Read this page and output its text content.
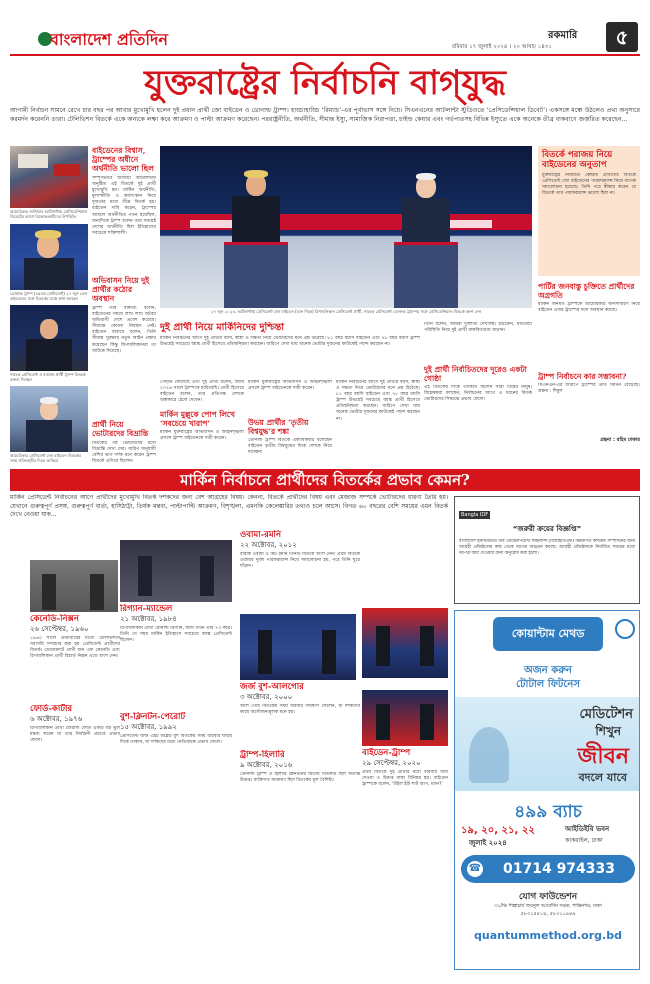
৫
বাংলাদেশ প্রতিদিন	রকমারি
রবিবার ১৭ জুলাই ২০২৪ । ২০ আষাঢ় ১৪৩১
যুক্তরাষ্ট্রের নির্বাচনি বাগ্‌যুদ্ধ
আগামী নির্বাচন সামনে রেখে চার বছর পর আবার মুখোমুখি হলেন দুই প্রধান প্রার্থী জো বাইডেন ও ডোনাল্ড ট্রাম্প। হাড্ডাহাড্ডি ‘রিম্যাচ’-এর পূর্বাভাস সঙ্গে নিয়ে। সিএনএনের আটলান্টা স্টুডিওতে ‘প্রেসিডেন্সিয়াল ডিবেট’। একসঙ্গে মঞ্চে উঠলেও প্রথা অনুসারে করমর্দন করেননি তারা। টেলিভিশন বিতর্কে একে অন্যকে লক্ষ্য করে আক্রমণ ও পাল্টা আক্রমণ করেছেন। পররাষ্ট্রনীতি, অর্থনীতি, সীমান্ত ইস্যু, সামাজিক নিরাপত্তা, চাইল্ড কেয়ার এবং গর্ভপাতসহ বিভিন্ন ইস্যুতে একে অনেকে তীব্র বাকবাণে জর্জরিত করেছেন...
আমেরিকার জর্জিয়ার আটলান্টায় প্রেসিডেন্সিয়াল ডিবেটের আগে বিক্ষোভকারীদের উপস্থিতি
ডোনাল্ড ট্রাম্প (৪৫তম প্রেসিডেন্ট) ২৭ জুন তেল বাইডেনের সঙ্গে বিতর্কের মঞ্চে কথা বলছেন
সাবেক প্রেসিডেন্ট ও বর্তমান প্রার্থী ট্রাম্প বিতর্কে বক্তব্য দিচ্ছেন
আমেরিকার প্রেসিডেন্ট জো বাইডেন বিতর্কের সময় প্রতিদ্বন্দ্বীর দিকে তাকিয়ে
বাইডেনের বিশ্বাস, ট্রাম্পের অধীনে অর্থনীতি ভালো ছিল
সম্পূর্ণভাবে জর্জিয়া আটলান্টায় অনুষ্ঠিত এই বিতর্কে দুই প্রার্থী মুখোমুখি হন। মার্কিন অর্থনীতি, মূল্যস্ফীতি ও কর্মসংস্থান নিয়ে দুজনের মধ্যে তীব্র বিতর্ক হয়। বাইডেন দাবি করেন, ট্রাম্পের আমলে অর্থনীতির পতন হয়েছিল, অন্যদিকে ট্রাম্প বলেন তার সময়েই দেশের অর্থনীতি ছিল ইতিহাসের সবচেয়ে শক্তিশালী।
অভিবাসন নিয়ে দুই প্রার্থীর কঠোর অবস্থান
ট্রাম্প তার বক্তব্যে বলেন, বাইডেনের সময়ে লাখ লাখ অবৈধ অভিবাসী দেশে প্রবেশ করেছে। সীমান্তে কোনো নিয়ন্ত্রণ নেই। বাইডেন জবাবে বলেন, তিনি সীমান্ত সুরক্ষায় নতুন আইন প্রস্তাব করেছেন কিন্তু রিপাবলিকানরা তা আটকে দিয়েছে।
প্রার্থী নিয়ে ভোটারদের বিভ্রান্তি
বিতর্কের পর ভোটারদের মধ্যে বিভ্রান্তি দেখা দেয়। জরিপ অনুযায়ী বেশির ভাগ দর্শক মনে করেন ট্রাম্প বিতর্কে এগিয়ে ছিলেন।
২৭ জুন ২০২৪, আটলান্টায় প্রেসিডেন্ট জো বাইডেন (ডান দিকে) রিপাবলিকান প্রেসিডেন্ট প্রার্থী, সাবেক প্রেসিডেন্ট ডোনাল্ড ট্রাম্পের সঙ্গে প্রেসিডেন্সিয়াল বিতর্কে অংশ নেন
দুই প্রার্থী নিয়ে মার্কিনিদের দুশ্চিন্তা
মার্কিন নির্বাচনের আগে দুই প্রার্থীর বয়স, স্বাস্থ্য ও দক্ষতা নিয়ে ভোটারদের মনে প্রশ্ন উঠেছে। ৮১ বছর বয়সি বাইডেন এবং ৭৮ বছর বয়সি ট্রাম্প উভয়েই সবচেয়ে বয়স্ক প্রার্থী হিসেবে প্রতিদ্বন্দ্বিতা করছেন। জরিপে দেখা যায় অনেক ভোটার দুজনের কাউকেই পছন্দ করছেন না।
পেছনে ফেলেছে এবং দুই প্রার্থী বলেন, আমি ২০২৬ সালে ট্রাম্পকে হারিয়েছি। প্রার্থী হিসেবে বাইডেন বলেন, তার প্রতিপক্ষ দেশকে অন্ধকারে ঠেলে দেবেন।
মার্কিন মুল্লুকে পোপ লিখে ‘সবচেয়ে খারাপ’
মার্কিন যুক্তরাষ্ট্রের অভিবাসন ও আইনশৃঙ্খলা প্রসঙ্গে ট্রাম্প বাইডেনকে দায়ী করেন।
মার্কিন যুক্তরাষ্ট্রের অভিবাসন ও আইনশৃঙ্খলা প্রসঙ্গে ট্রাম্প বাইডেনকে দায়ী করেন।
উভয় প্রার্থীর ‘তৃতীয় বিশ্বযুদ্ধ’র শঙ্কা
ডোনাল্ড ট্রাম্প বিতর্কে একাধিকবার বলেছেন বাইডেন তৃতীয় বিশ্বযুদ্ধের দিকে দেশকে নিয়ে যাচ্ছেন।
মার্কিন নির্বাচনের আগে দুই প্রার্থীর বয়স, স্বাস্থ্য ও দক্ষতা নিয়ে ভোটারদের মনে প্রশ্ন উঠেছে। ৮১ বছর বয়সি বাইডেন এবং ৭৮ বছর বয়সি ট্রাম্প উভয়েই সবচেয়ে বয়স্ক প্রার্থী হিসেবে প্রতিদ্বন্দ্বিতা করছেন। জরিপে দেখা যায় অনেক ভোটার দুজনের কাউকেই পছন্দ করছেন না।
তিনি বলেন, আমরা দুর্বলতা দেখাচ্ছি। ইউক্রেন, মধ্যপ্রাচ্য পরিস্থিতি নিয়ে দুই প্রার্থী বাকবিতণ্ডায় জড়ান।
দুই প্রার্থী নির্বাচিতদের দূরেও একটা গোষ্ঠা
এই বিতর্কের দিকে তাকিয়ে ছিলেন সারা বিশ্বের মানুষ। বিশ্লেষকরা বলছেন, নির্বাচনের আগে এ ধরনের বিতর্ক ভোটারদের সিদ্ধান্তে প্রভাব ফেলে।
বিতর্কে পরাজয় নিয়ে বাইডেনের অনুতাপ
যুক্তরাষ্ট্রের নির্বাচিত কেন্দ্রীয় প্রার্থীদের বিতর্কে প্রেসিডেন্ট জো বাইডেনের পারফরম্যান্স নিয়ে ব্যাপক সমালোচনা হয়েছে। তিনি পরে স্বীকার করেন যে বিতর্কে তার পারফরম্যান্স ভালো ছিল না।
পার্টির জনবাস্তু চুক্তিতে প্রার্থীদের অগ্রগতি
মার্কিন জনমত ট্রাম্পকে আমেরিকার জনসাধারণ নিয়ে বাইডেন এবার ট্রাম্পের দলে অবস্থান করছে।
ট্রাম্প নির্বাচনে কার সম্ভাবনা?
সিএনএন-এর জরিপে ট্রাম্পের প্রতি সমর্থন বেড়েছে। গ্রন্থনা : শিমুল
গ্রন্থনা : রহিম ঢাকার
মার্কিন নির্বাচনে প্রার্থীদের বিতর্কের প্রভাব কেমন?
মার্কিন প্রেসিডেন্ট নির্বাচনের আগে প্রার্থীদের মুখোমুখি বিতর্ক দর্শকদের জন্য বেশ আগ্রহের বিষয়। কেননা, বিতর্কে প্রার্থীদের বিষয় এবং মেজাজ সম্পর্কে ভোটারদের ধারণা তৈরি হয়। যেখানে গুরুত্বপূর্ণ প্রসঙ্গ, গুরুত্বপূর্ণ বার্তা, হাসিঠাট্টা, তির্যক মন্তব্য, পাল্টাপাল্টি আক্রমণ, বিশৃঙ্খলা, এমনকি কেলেঙ্কারির তথ্যও চলে আসে। বিগত ৬০ বছরের বেশি সময়ের এমন বিতর্ক দেখে নেওয়া যাক...
কেনেডি-নিক্সন
২৬ সেপ্টেম্বর, ১৯৬০
১৯৬০ সালে প্রথমবারের মতো টেলিভিশনে সরাসরি সম্প্রচার করা হয় প্রেসিডেন্ট প্রার্থীদের বিতর্ক। ডেমোক্র্যাট প্রার্থী জন এফ কেনেডি এবং রিপাবলিকান প্রার্থী রিচার্ড নিক্সন এতে অংশ নেন।
রিগ্যান-ম্যান্ডেল
২১ অক্টোবর, ১৯৮৪
রিপাবলিকান প্রার্থী রোনাল্ড রিগ্যান, বয়স তখন তার ৭৩ বছর। তিনি সে সময় মার্কিন ইতিহাসে সবচেয়ে বয়স্ক প্রেসিডেন্ট ছিলেন।
ওবামা-রমনি
২২ অক্টোবর, ২০১২
বারাক ওবামা ও মিট রমনি তিনটি বিতর্কে অংশ নেন। প্রথম বিতর্কে ওবামার দুর্বল পারফরম্যান্স নিয়ে সমালোচনা হয়, পরে তিনি ঘুরে দাঁড়ান।
ফোর্ড-কার্টার
৬ অক্টোবর, ১৯৭৬
রিপাবলিকান প্রার্থী জেরাল্ড ফোর্ড একটি বড় ভুল মন্তব্য করেন যা তার নির্বাচনী প্রচারে প্রভাব ফেলে।
বুশ-ক্লিনটন-পেরোট
১৫ অক্টোবর, ১৯৯২
প্রেসিডেন্ট জর্জ এইচ ডব্লিউ বুশ বিতর্কের সময় বারবার ঘড়ির দিকে তাকান, যা দর্শকদের মধ্যে নেতিবাচক প্রভাব ফেলে।
জর্জ বুশ-আলগোর
৩ অক্টোবর, ২০০০
আল গোর বিতর্কের সময় বারবার দীর্ঘশ্বাস ফেলেন, যা দর্শকদের কাছে অসৌজন্যমূলক মনে হয়।
ট্রাম্প-হিলারি
৯ অক্টোবর, ২০১৬
ডোনাল্ড ট্রাম্প ও হিলারি ক্লিনটনের দ্বিতীয় বিতর্কটি ছিল অত্যন্ত উত্তপ্ত। ব্যক্তিগত আক্রমণ ছিল বিতর্কের মূল বৈশিষ্ট্য।
বাইডেন-ট্রাম্প
২৯ সেপ্টেম্বর, ২০২০
প্রথম বিতর্কে দুই প্রার্থীর মধ্যে বারবার বাধা দেওয়া ও উত্তপ্ত বাক্য বিনিময় হয়। বাইডেন ট্রাম্পকে বলেন, ‘উইল ইউ শাট আপ, ম্যান?’
Bangla IDF
“জরুরী ক্রয়ের বিজ্ঞপ্তি”
বাংলাদেশ ইনস্টিটিউট অব ডেভেলপমেন্ট ফাইন্যান্স (বিআইডিএফ) নিম্নবর্ণিত কার্যক্রম সম্পাদনের জন্য আগ্রহী প্রতিষ্ঠানের কাছ থেকে দরপত্র আহ্বান করছে। আগ্রহী প্রতিষ্ঠানকে নির্ধারিত সময়ের মধ্যে দরপত্র জমা দেওয়ার জন্য অনুরোধ করা হলো।
কোয়ান্টাম মেথড
অজন করুন
টোটাল ফিটনেস
মেডিটেশন
শিখুন
জীবন
বদলে যাবে
৪৯৯ ব্যাচ
১৯, ২০, ২১, ২২
জুলাই ২০২৪
আইডিইবি ভবন
কাকরাইল, ঢাকা
☎	01714 974333
যোগ ফাউন্ডেশন
৩১/ভি শিল্পাচার্য জয়নুল আবেদীন সড়ক, শান্তিনগর, ঢাকা
৫৮৩১৫৪১৪, ৫৮৩১০৯৪৯
quantummethod.org.bd
